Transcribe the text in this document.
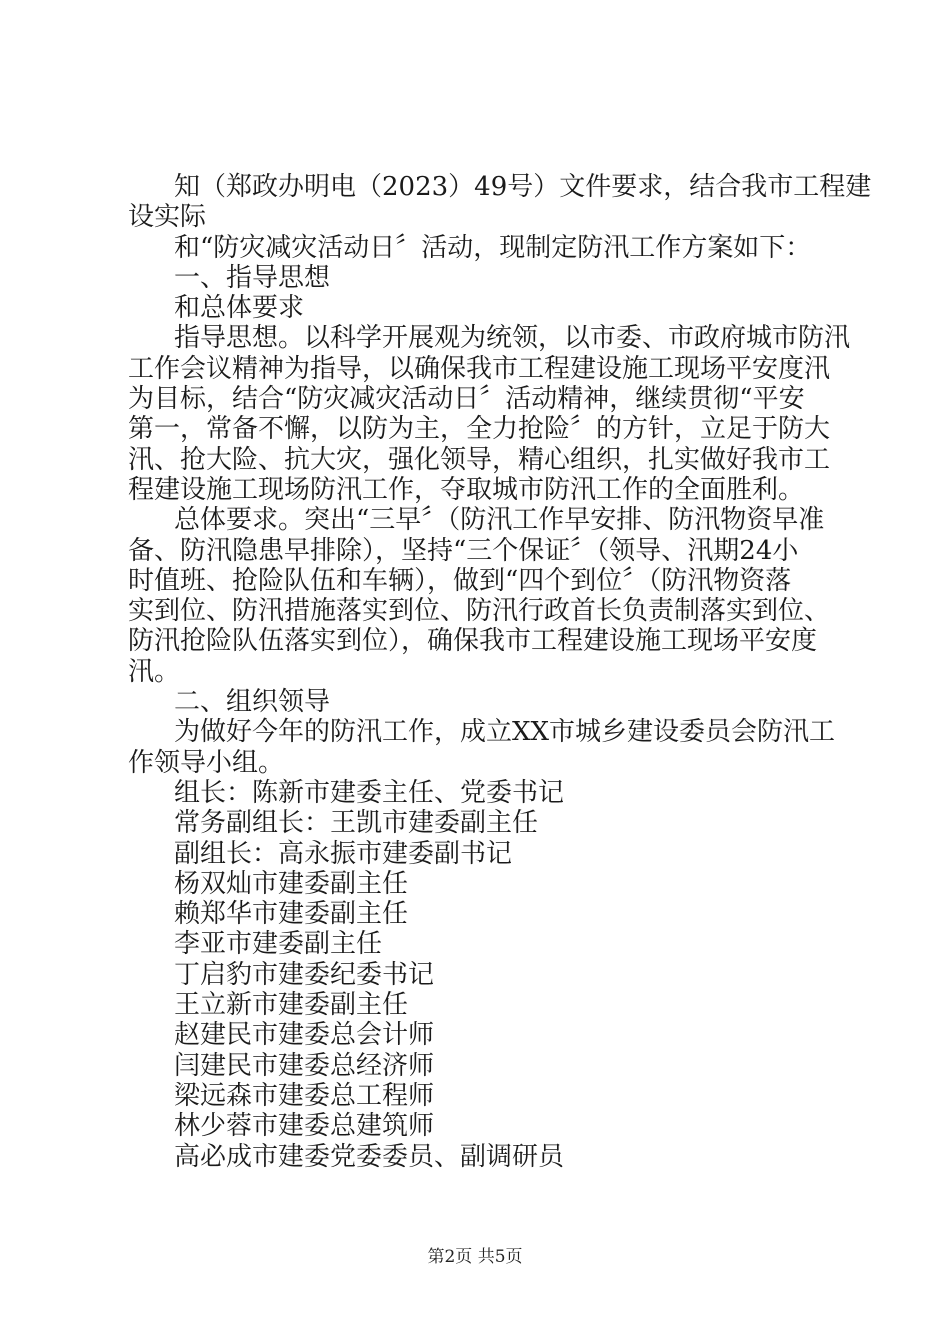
知（郑政办明电（2023）49号）文件要求，结合我市工程建
设实际
和“防灾减灾活动日〞活动，现制定防汛工作方案如下：
一、指导思想
和总体要求
指导思想。以科学开展观为统领，以市委、市政府城市防汛
工作会议精神为指导，以确保我市工程建设施工现场平安度汛
为目标，结合“防灾减灾活动日〞活动精神，继续贯彻“平安
第一，常备不懈，以防为主，全力抢险〞的方针，立足于防大
汛、抢大险、抗大灾，强化领导，精心组织，扎实做好我市工
程建设施工现场防汛工作，夺取城市防汛工作的全面胜利。
总体要求。突出“三早〞（防汛工作早安排、防汛物资早准
备、防汛隐患早排除），坚持“三个保证〞（领导、汛期24小
时值班、抢险队伍和车辆），做到“四个到位〞（防汛物资落
实到位、防汛措施落实到位、防汛行政首长负责制落实到位、
防汛抢险队伍落实到位），确保我市工程建设施工现场平安度
汛。
二、组织领导
为做好今年的防汛工作，成立XX市城乡建设委员会防汛工
作领导小组。
组长：陈新市建委主任、党委书记
常务副组长：王凯市建委副主任
副组长：高永振市建委副书记
杨双灿市建委副主任
赖郑华市建委副主任
李亚市建委副主任
丁启豹市建委纪委书记
王立新市建委副主任
赵建民市建委总会计师
闫建民市建委总经济师
梁远森市建委总工程师
林少蓉市建委总建筑师
高必成市建委党委委员、副调研员
第2页 共5页
